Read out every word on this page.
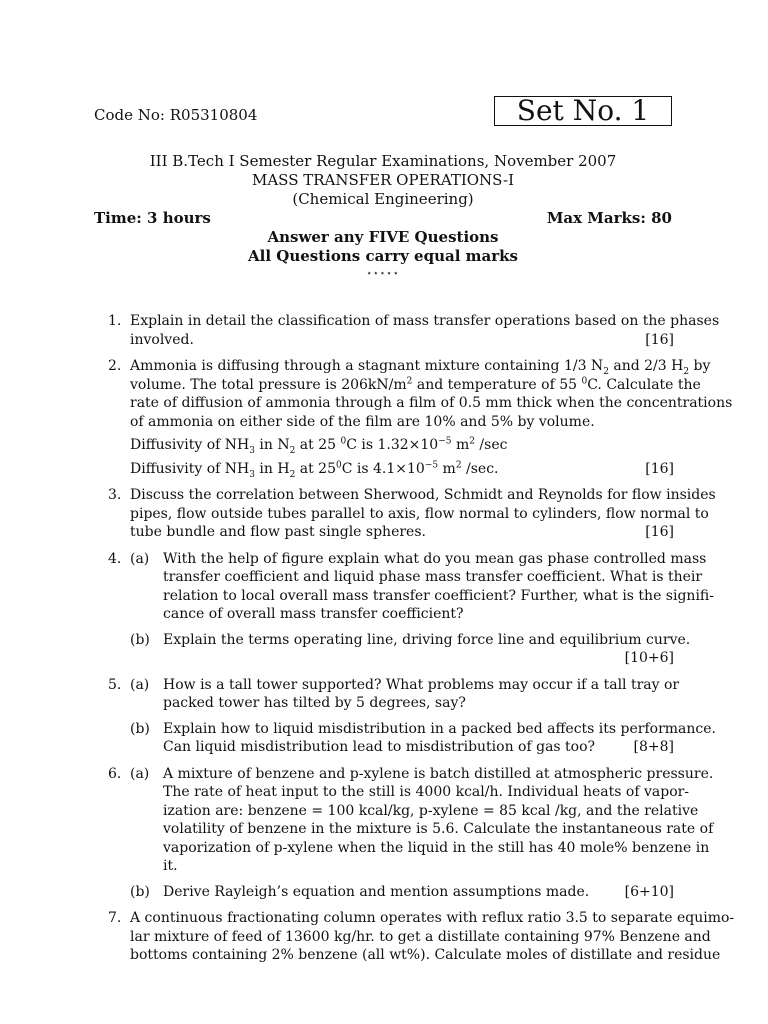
Code No: R05310804	Set No. 1
III B.Tech I Semester Regular Examinations, November 2007
MASS TRANSFER OPERATIONS-I
(Chemical Engineering)
Time: 3 hours	Max Marks: 80
Answer any FIVE Questions
All Questions carry equal marks
⋆⋆⋆⋆⋆
1. Explain in detail the classification of mass transfer operations based on the phases
[16]
involved.
2. Ammonia is diffusing through a stagnant mixture containing 1/3 $N_2$ and 2/3 $H_2$ by
volume. The total pressure is $206kN/m^2$ and temperature of 55 $^0$C. Calculate the
rate of diffusion of ammonia through a film of 0.5 mm thick when the concentrations
of ammonia on either side of the film are 10% and 5% by volume.
Diffusivity of $NH_3$ in $N_2$ at 25 $^0$C is $1.32\times 10^{-5}$ $m^2$ /sec
[16]
Diffusivity of $NH_3$ in $H_2$ at $25^0C$ is $4.1\times 10^{-5}$ $m^2$ /sec.
3. Discuss the correlation between Sherwood, Schmidt and Reynolds for flow insides
pipes, flow outside tubes parallel to axis, flow normal to cylinders, flow normal to
[16]
tube bundle and flow past single spheres.
4. (a) With the help of figure explain what do you mean gas phase controlled mass
transfer coefficient and liquid phase mass transfer coefficient. What is their
relation to local overall mass transfer coefficient? Further, what is the signifi-
cance of overall mass transfer coefficient?
(b) Explain the terms operating line, driving force line and equilibrium curve.
[10+6]
5. (a) How is a tall tower supported? What problems may occur if a tall tray or
packed tower has tilted by 5 degrees, say?
(b) Explain how to liquid misdistribution in a packed bed affects its performance.
[8+8]
Can liquid misdistribution lead to misdistribution of gas too?
6. (a) A mixture of benzene and p-xylene is batch distilled at atmospheric pressure.
The rate of heat input to the still is 4000 kcal/h. Individual heats of vapor-
ization are: benzene = 100 kcal/kg, p-xylene = 85 kcal /kg, and the relative
volatility of benzene in the mixture is 5.6. Calculate the instantaneous rate of
vaporization of p-xylene when the liquid in the still has 40 mole% benzene in
it.
(b)	[6+10]
Derive Rayleigh’s equation and mention assumptions made.
7. A continuous fractionating column operates with reflux ratio 3.5 to separate equimo-
lar mixture of feed of 13600 kg/hr. to get a distillate containing 97% Benzene and
bottoms containing 2% benzene (all wt%). Calculate moles of distillate and residue
